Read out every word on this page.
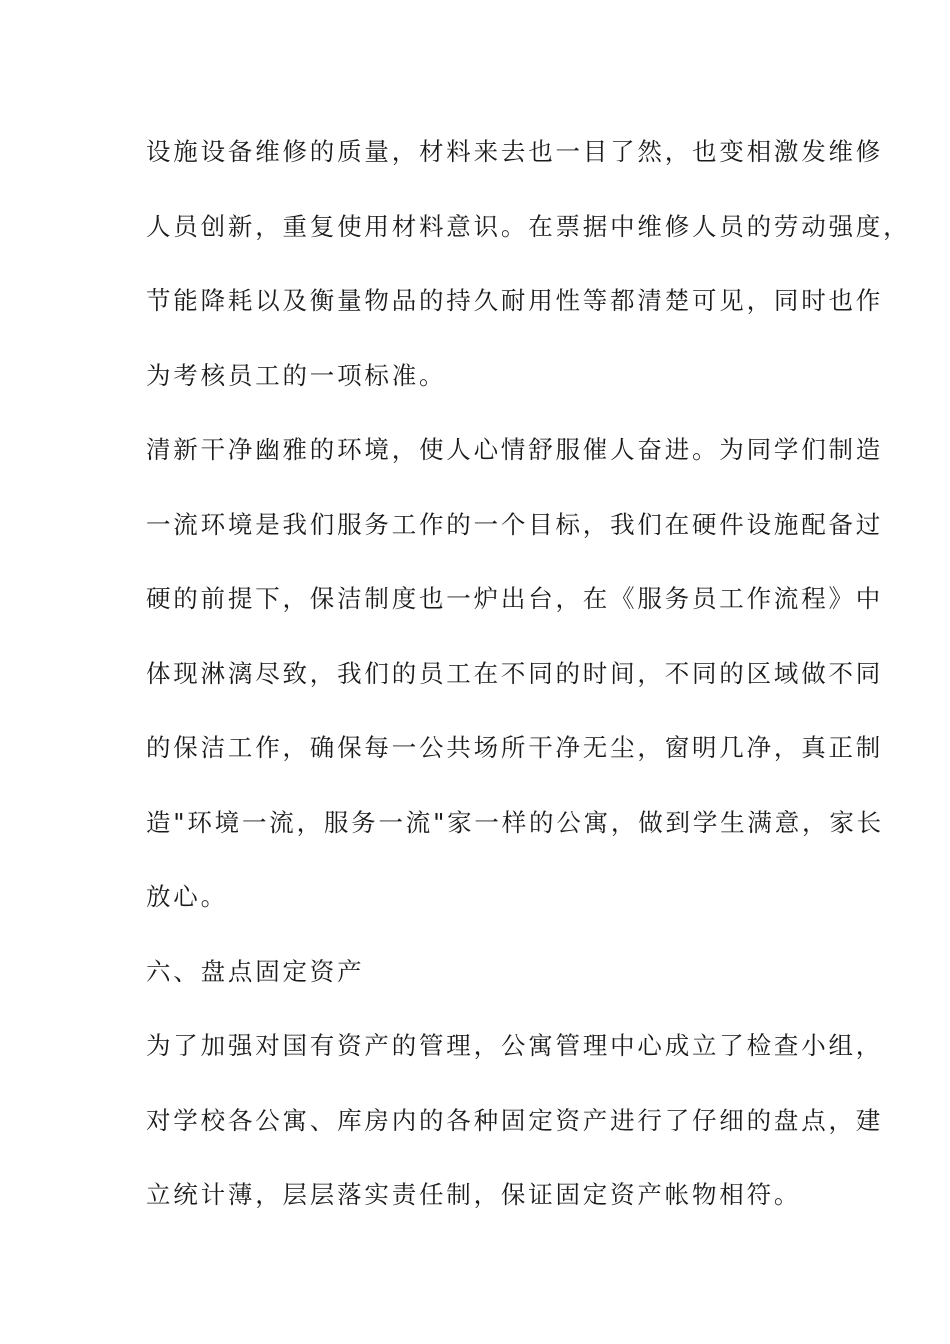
设施设备维修的质量，材料来去也一目了然，也变相激发维修
人员创新，重复使用材料意识。在票据中维修人员的劳动强度，
节能降耗以及衡量物品的持久耐用性等都清楚可见，同时也作
为考核员工的一项标准。
清新干净幽雅的环境，使人心情舒服催人奋进。为同学们制造
一流环境是我们服务工作的一个目标，我们在硬件设施配备过
硬的前提下，保洁制度也一炉出台，在《服务员工作流程》中
体现淋漓尽致，我们的员工在不同的时间，不同的区域做不同
的保洁工作，确保每一公共场所干净无尘，窗明几净，真正制
造"环境一流，服务一流"家一样的公寓，做到学生满意，家长
放心。
六、盘点固定资产
为了加强对国有资产的管理，公寓管理中心成立了检查小组，
对学校各公寓、库房内的各种固定资产进行了仔细的盘点，建
立统计薄，层层落实责任制，保证固定资产帐物相符。
